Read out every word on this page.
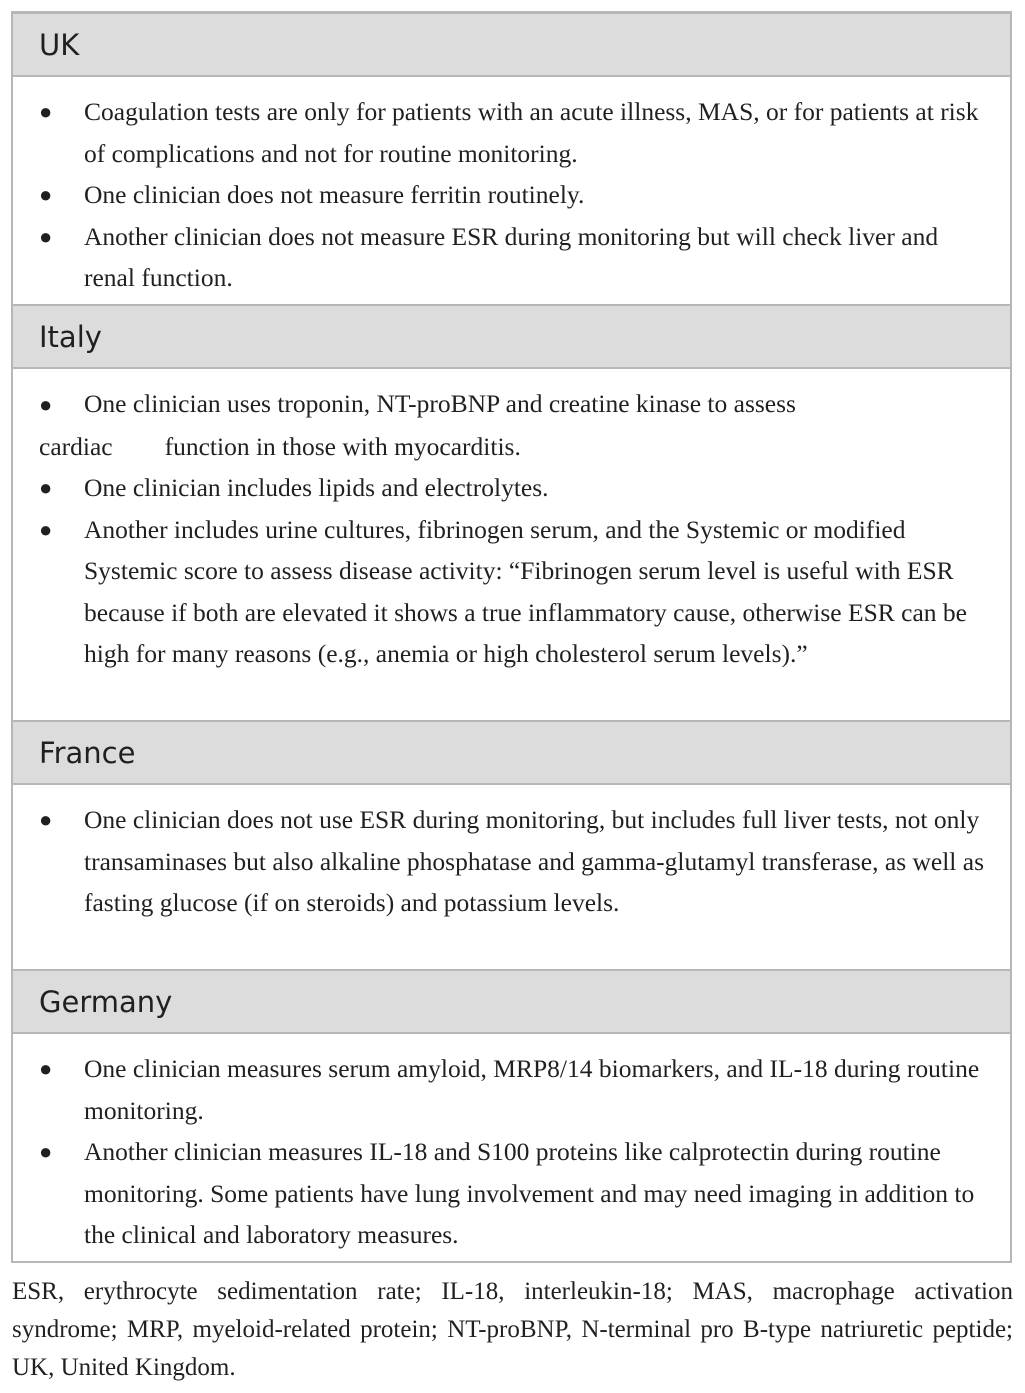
UK
● Coagulation tests are only for patients with an acute illness, MAS, or for patients at risk of complications and not for routine monitoring.
● One clinician does not measure ferritin routinely.
● Another clinician does not measure ESR during monitoring but will check liver and renal function.
Italy
● One clinician uses troponin, NT-proBNP and creatine kinase to assess
cardiac function in those with myocarditis.
● One clinician includes lipids and electrolytes.
● Another includes urine cultures, fibrinogen serum, and the Systemic or modified Systemic score to assess disease activity: “Fibrinogen serum level is useful with ESR because if both are elevated it shows a true inflammatory cause, otherwise ESR can be high for many reasons (e.g., anemia or high cholesterol serum levels).”
France
● One clinician does not use ESR during monitoring, but includes full liver tests, not only transaminases but also alkaline phosphatase and gamma-glutamyl transferase, as well as fasting glucose (if on steroids) and potassium levels.
Germany
● One clinician measures serum amyloid, MRP8/14 biomarkers, and IL-18 during routine monitoring.
● Another clinician measures IL-18 and S100 proteins like calprotectin during routine monitoring. Some patients have lung involvement and may need imaging in addition to the clinical and laboratory measures.
ESR, erythrocyte sedimentation rate; IL-18, interleukin-18; MAS, macrophage activation syndrome; MRP, myeloid-related protein; NT-proBNP, N-terminal pro B-type natriuretic peptide; UK, United Kingdom.
